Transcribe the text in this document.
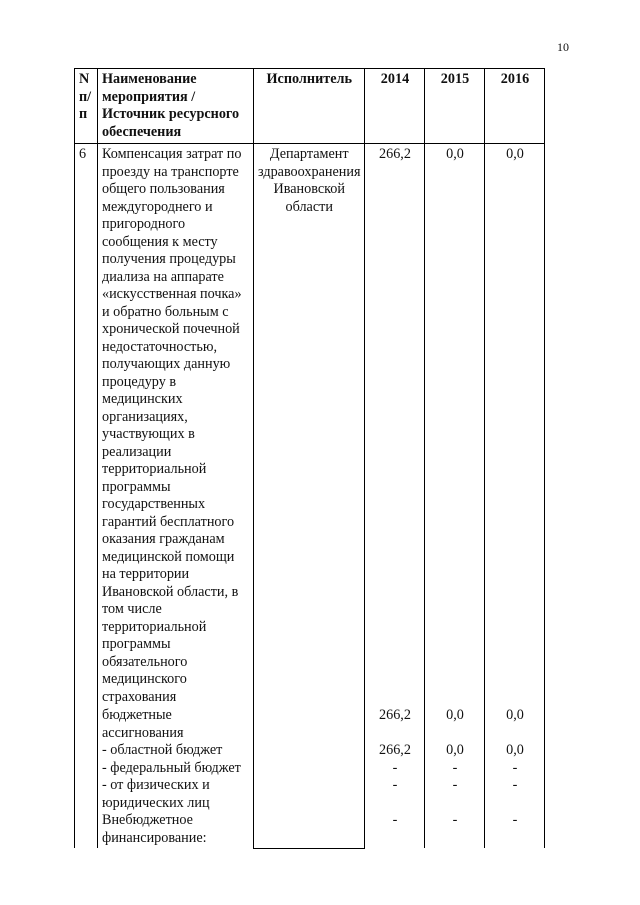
10
N п/п	Наименование мероприятия / Источник ресурсного обеспечения	Исполнитель	2014	2015	2016
6	Компенсация затрат по проезду на транспорте общего пользования междугороднего и пригородного сообщения к месту получения процедуры диализа на аппарате «искусственная почка» и обратно больным с хронической почечной недостаточностью, получающих данную процедуру в медицинских организациях, участвующих в реализации территориальной программы государственных гарантий бесплатного оказания гражданам медицинской помощи на территории Ивановской области, в том числе территориальной программы обязательного медицинского страхования	Департамент здравоохранения Ивановской области	266,2	0,0	0,0
	бюджетные ассигнования		266,2	0,0	0,0
	- областной бюджет		266,2	0,0	0,0
	- федеральный бюджет		-	-	-
	- от физических и юридических лиц		-	-	-
	Внебюджетное финансирование:		-	-	-
